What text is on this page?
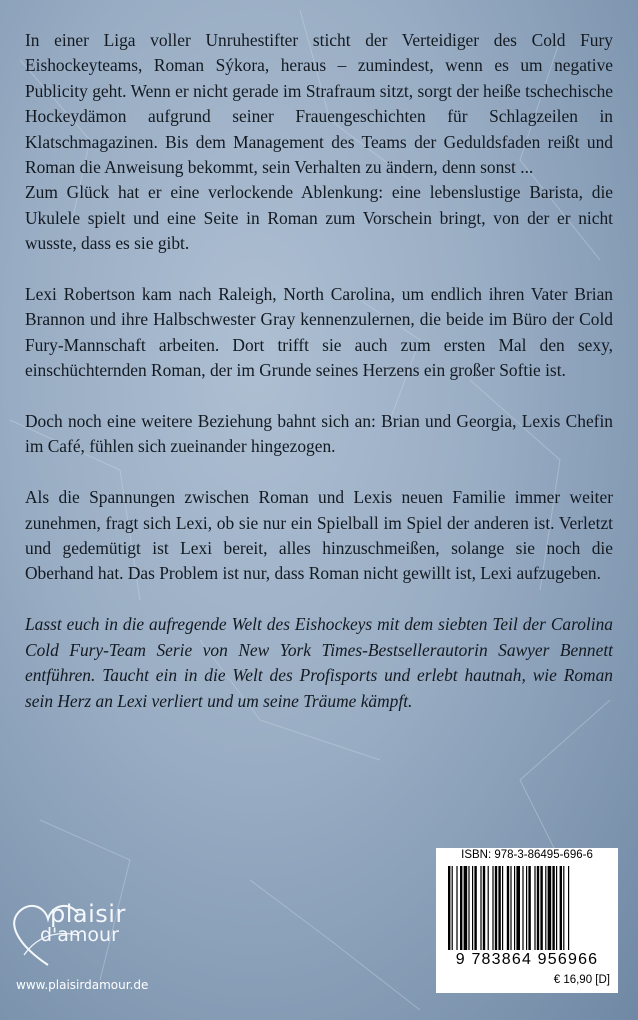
In einer Liga voller Unruhestifter sticht der Verteidiger des Cold Fury Eishockeyteams, Roman Sýkora, heraus – zumindest, wenn es um negative Publicity geht. Wenn er nicht gerade im Strafraum sitzt, sorgt der heiße tschechische Hockeydämon aufgrund seiner Frauengeschichten für Schlagzeilen in Klatschmagazinen. Bis dem Management des Teams der Geduldsfaden reißt und Roman die Anweisung bekommt, sein Verhalten zu ändern, denn sonst ...

Zum Glück hat er eine verlockende Ablenkung: eine lebenslustige Barista, die Ukulele spielt und eine Seite in Roman zum Vorschein bringt, von der er nicht wusste, dass es sie gibt.

Lexi Robertson kam nach Raleigh, North Carolina, um endlich ihren Vater Brian Brannon und ihre Halbschwester Gray kennenzulernen, die beide im Büro der Cold Fury-Mannschaft arbeiten. Dort trifft sie auch zum ersten Mal den sexy, einschüchternden Roman, der im Grunde seines Herzens ein großer Softie ist.

Doch noch eine weitere Beziehung bahnt sich an: Brian und Georgia, Lexis Chefin im Café, fühlen sich zueinander hingezogen.

Als die Spannungen zwischen Roman und Lexis neuen Familie immer weiter zunehmen, fragt sich Lexi, ob sie nur ein Spielball im Spiel der anderen ist. Verletzt und gedemütigt ist Lexi bereit, alles hinzuschmeißen, solange sie noch die Oberhand hat. Das Problem ist nur, dass Roman nicht gewillt ist, Lexi aufzugeben.

Lasst euch in die aufregende Welt des Eishockeys mit dem siebten Teil der Carolina Cold Fury-Team Serie von New York Times-Bestsellerautorin Sawyer Bennett entführen. Taucht ein in die Welt des Profisports und erlebt hautnah, wie Roman sein Herz an Lexi verliert und um seine Träume kämpft.

plaisir
d'amour
www.plaisirdamour.de
ISBN: 978-3-86495-696-6
9 783864 956966
€ 16,90 [D]
